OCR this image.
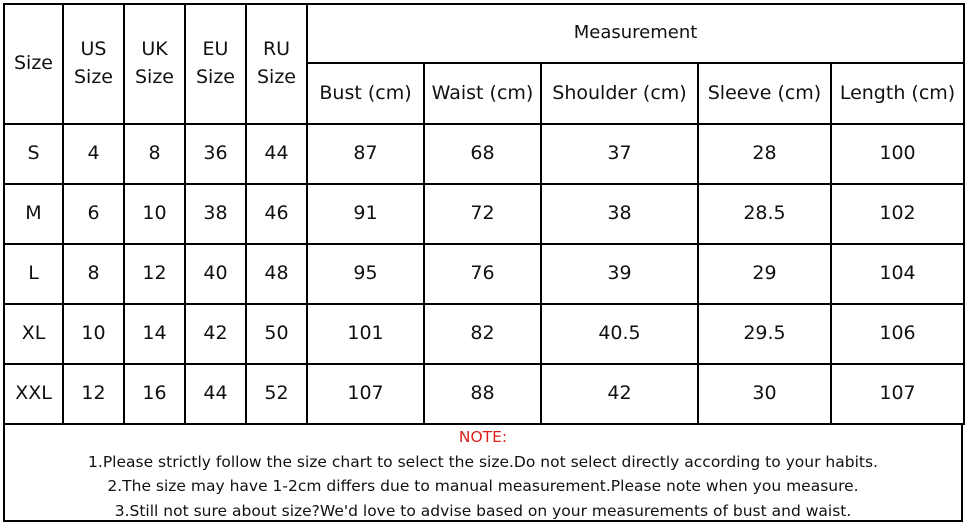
Size	US Size	UK Size	EU Size	RU Size	Measurement				
					Bust (cm)	Waist (cm)	Shoulder (cm)	Sleeve (cm)	Length (cm)
S	4	8	36	44	87	68	37	28	100
M	6	10	38	46	91	72	38	28.5	102
L	8	12	40	48	95	76	39	29	104
XL	10	14	42	50	101	82	40.5	29.5	106
XXL	12	16	44	52	107	88	42	30	107
NOTE:
1.Please strictly follow the size chart to select the size.Do not select directly according to your habits.
2.The size may have 1-2cm differs due to manual measurement.Please note when you measure.
3.Still not sure about size?We'd love to advise based on your measurements of bust and waist.
